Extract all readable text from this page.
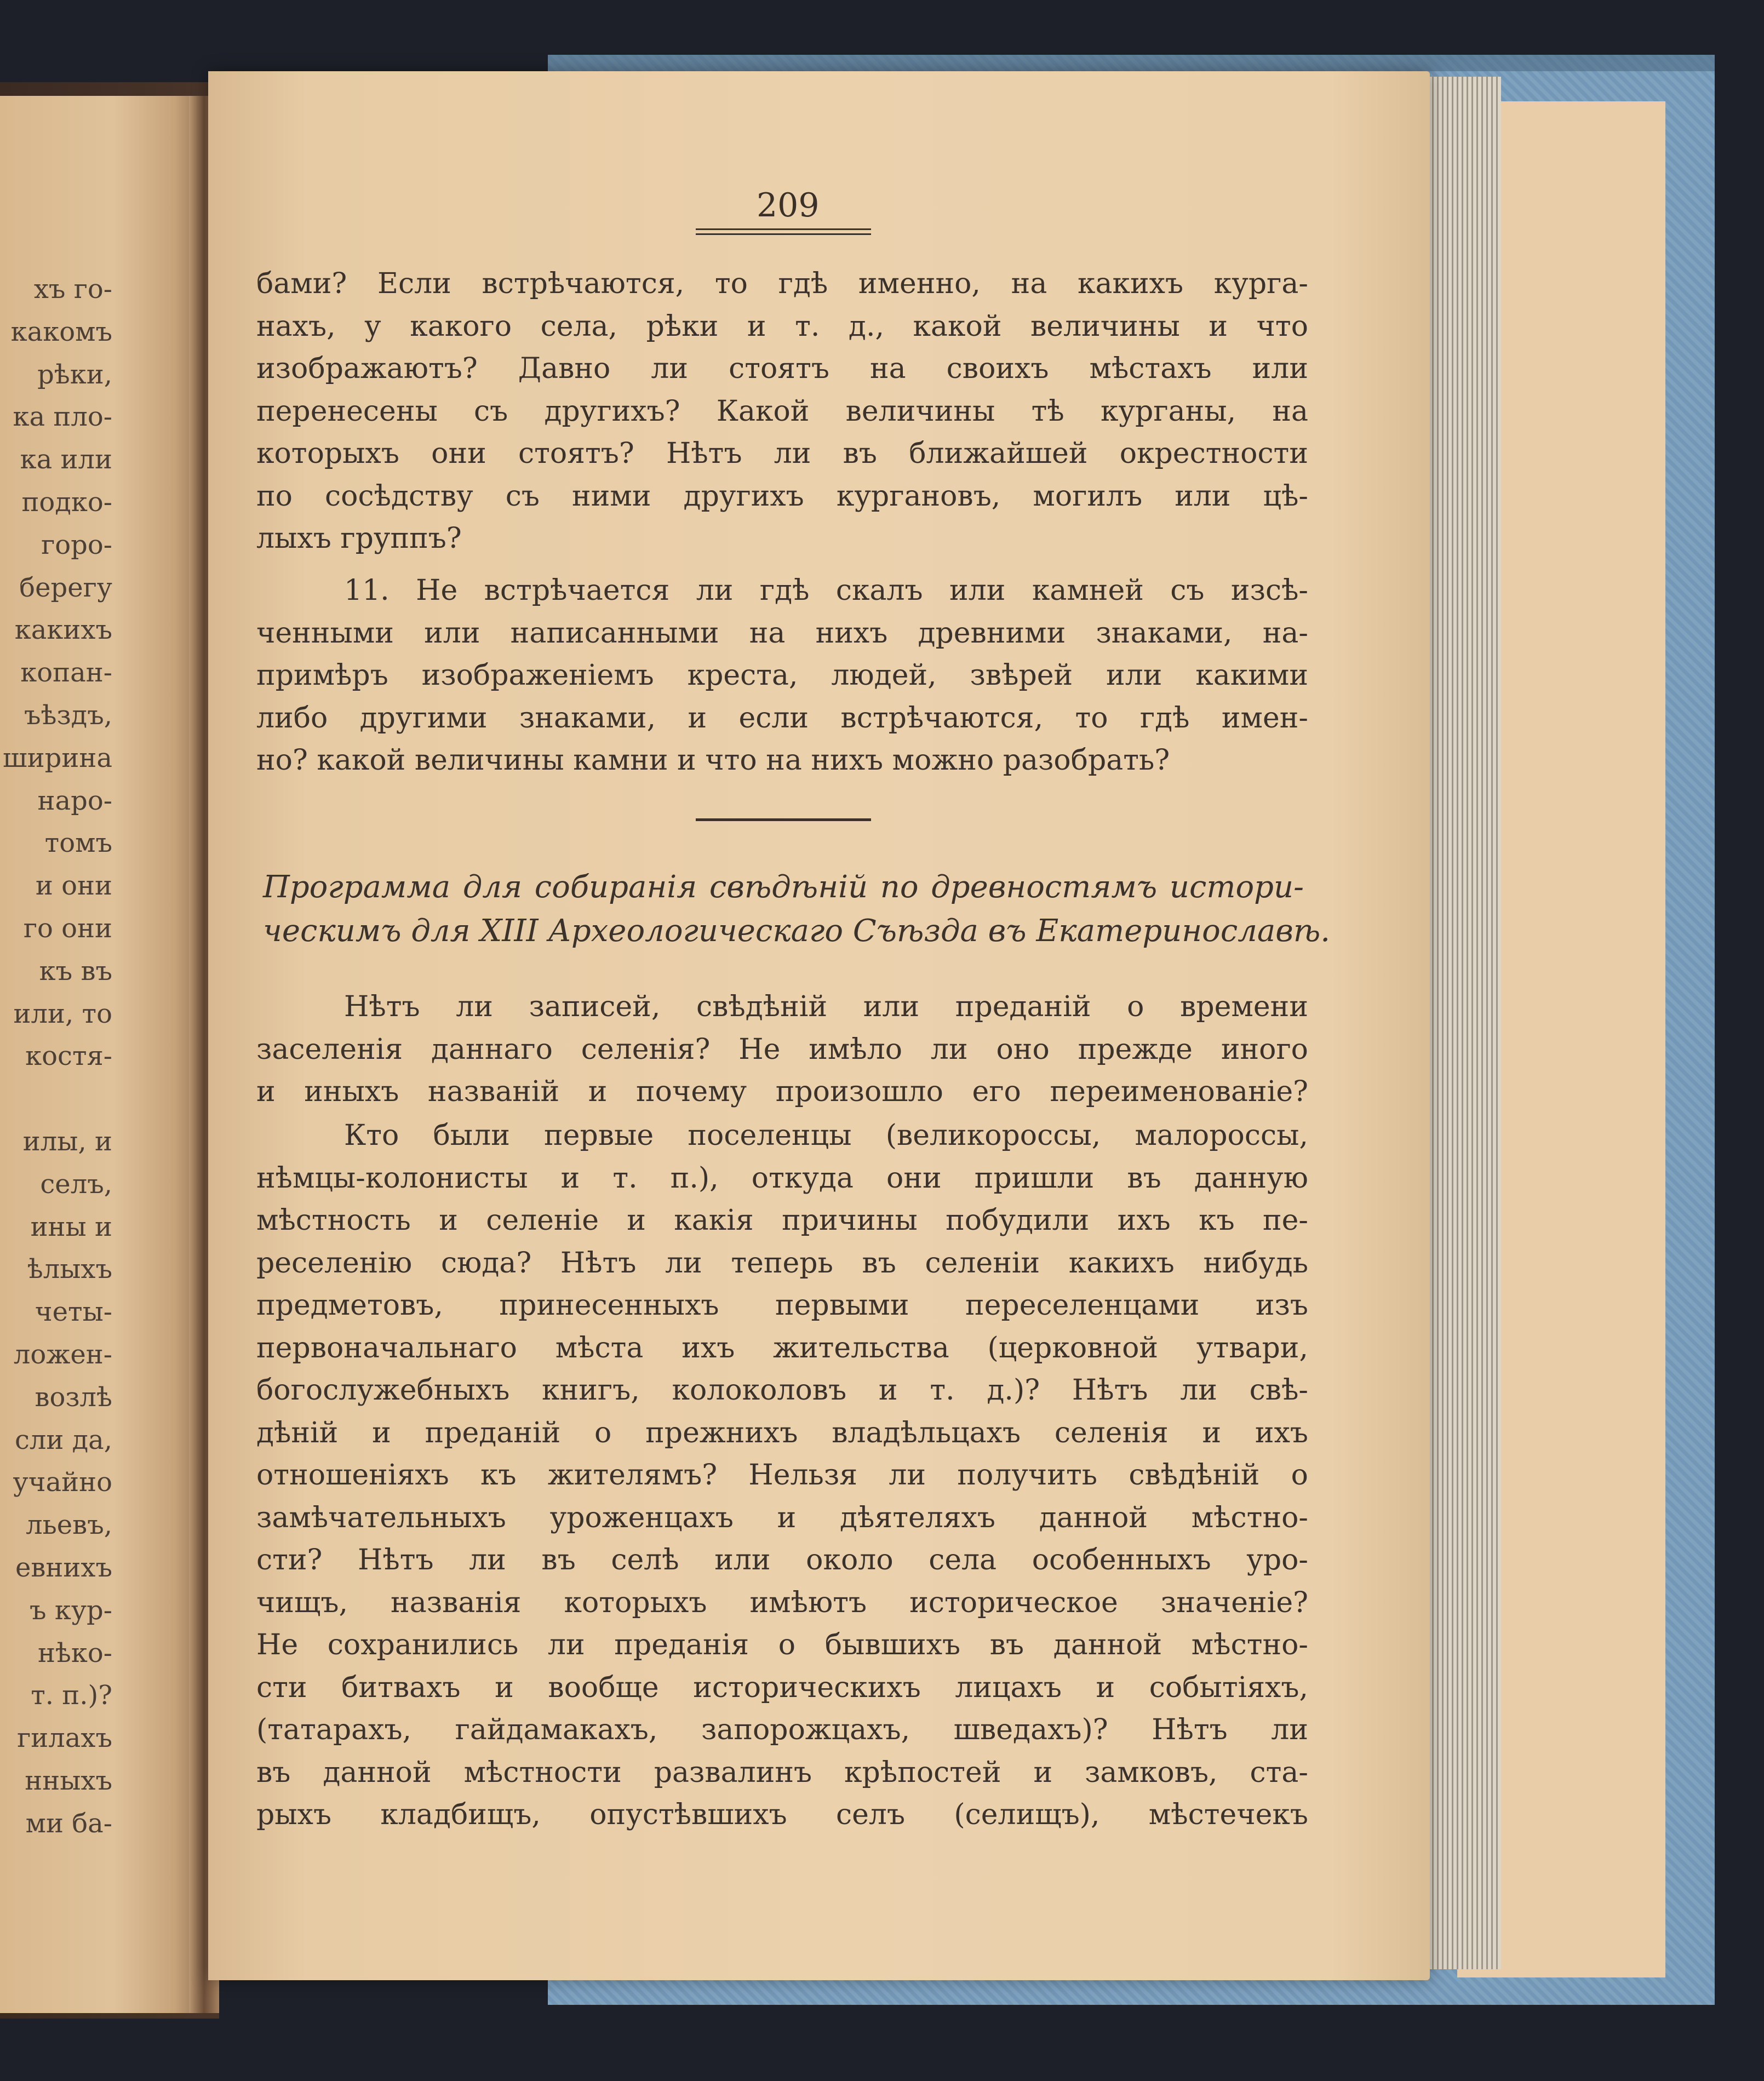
хъ го-
какомъ
рѣки,
ка пло-
ка или
подко-
горо-
берегу
какихъ
копан-
ъѣздъ,
ширина
наро-
томъ
и они
го они
къ въ
или, то
костя-

илы, и
селъ,
ины и
ѣлыхъ
четы-
ложен-
возлѣ
сли да,
учайно
льевъ,
евнихъ
ъ кур-
нѣко-
т. п.)?
гилахъ
нныхъ
ми ба-
209
бами? Если встрѣчаются, то гдѣ именно, на какихъ курга-
нахъ, у какого села, рѣки и т. д., какой величины и что
изображаютъ? Давно ли стоятъ на своихъ мѣстахъ или
перенесены съ другихъ? Какой величины тѣ курганы, на
которыхъ они стоятъ? Нѣтъ ли въ ближайшей окрестности
по сосѣдству съ ними другихъ кургановъ, могилъ или цѣ-
лыхъ группъ?
11. Не встрѣчается ли гдѣ скалъ или камней съ изсѣ-
ченными или написанными на нихъ древними знаками, на-
примѣръ изображеніемъ креста, людей, звѣрей или какими
либо другими знаками, и если встрѣчаются, то гдѣ имен-
но? какой величины камни и что на нихъ можно разобрать?
Программа для собиранія свѣдѣній по древностямъ истори-
ческимъ для XIII Археологическаго Съѣзда въ Екатеринославѣ.
Нѣтъ ли записей, свѣдѣній или преданій о времени
заселенія даннаго селенія? Не имѣло ли оно прежде иного
и иныхъ названій и почему произошло его переименованіе?
Кто были первые поселенцы (великороссы, малороссы,
нѣмцы-колонисты и т. п.), откуда они пришли въ данную
мѣстность и селеніе и какія причины побудили ихъ къ пе-
реселенію сюда? Нѣтъ ли теперь въ селеніи какихъ нибудь
предметовъ, принесенныхъ первыми переселенцами изъ
первоначальнаго мѣста ихъ жительства (церковной утвари,
богослужебныхъ книгъ, колоколовъ и т. д.)? Нѣтъ ли свѣ-
дѣній и преданій о прежнихъ владѣльцахъ селенія и ихъ
отношеніяхъ къ жителямъ? Нельзя ли получить свѣдѣній о
замѣчательныхъ уроженцахъ и дѣятеляхъ данной мѣстно-
сти? Нѣтъ ли въ селѣ или около села особенныхъ уро-
чищъ, названія которыхъ имѣютъ историческое значеніе?
Не сохранились ли преданія о бывшихъ въ данной мѣстно-
сти битвахъ и вообще историческихъ лицахъ и событіяхъ,
(татарахъ, гайдамакахъ, запорожцахъ, шведахъ)? Нѣтъ ли
въ данной мѣстности развалинъ крѣпостей и замковъ, ста-
рыхъ кладбищъ, опустѣвшихъ селъ (селищъ), мѣстечекъ
